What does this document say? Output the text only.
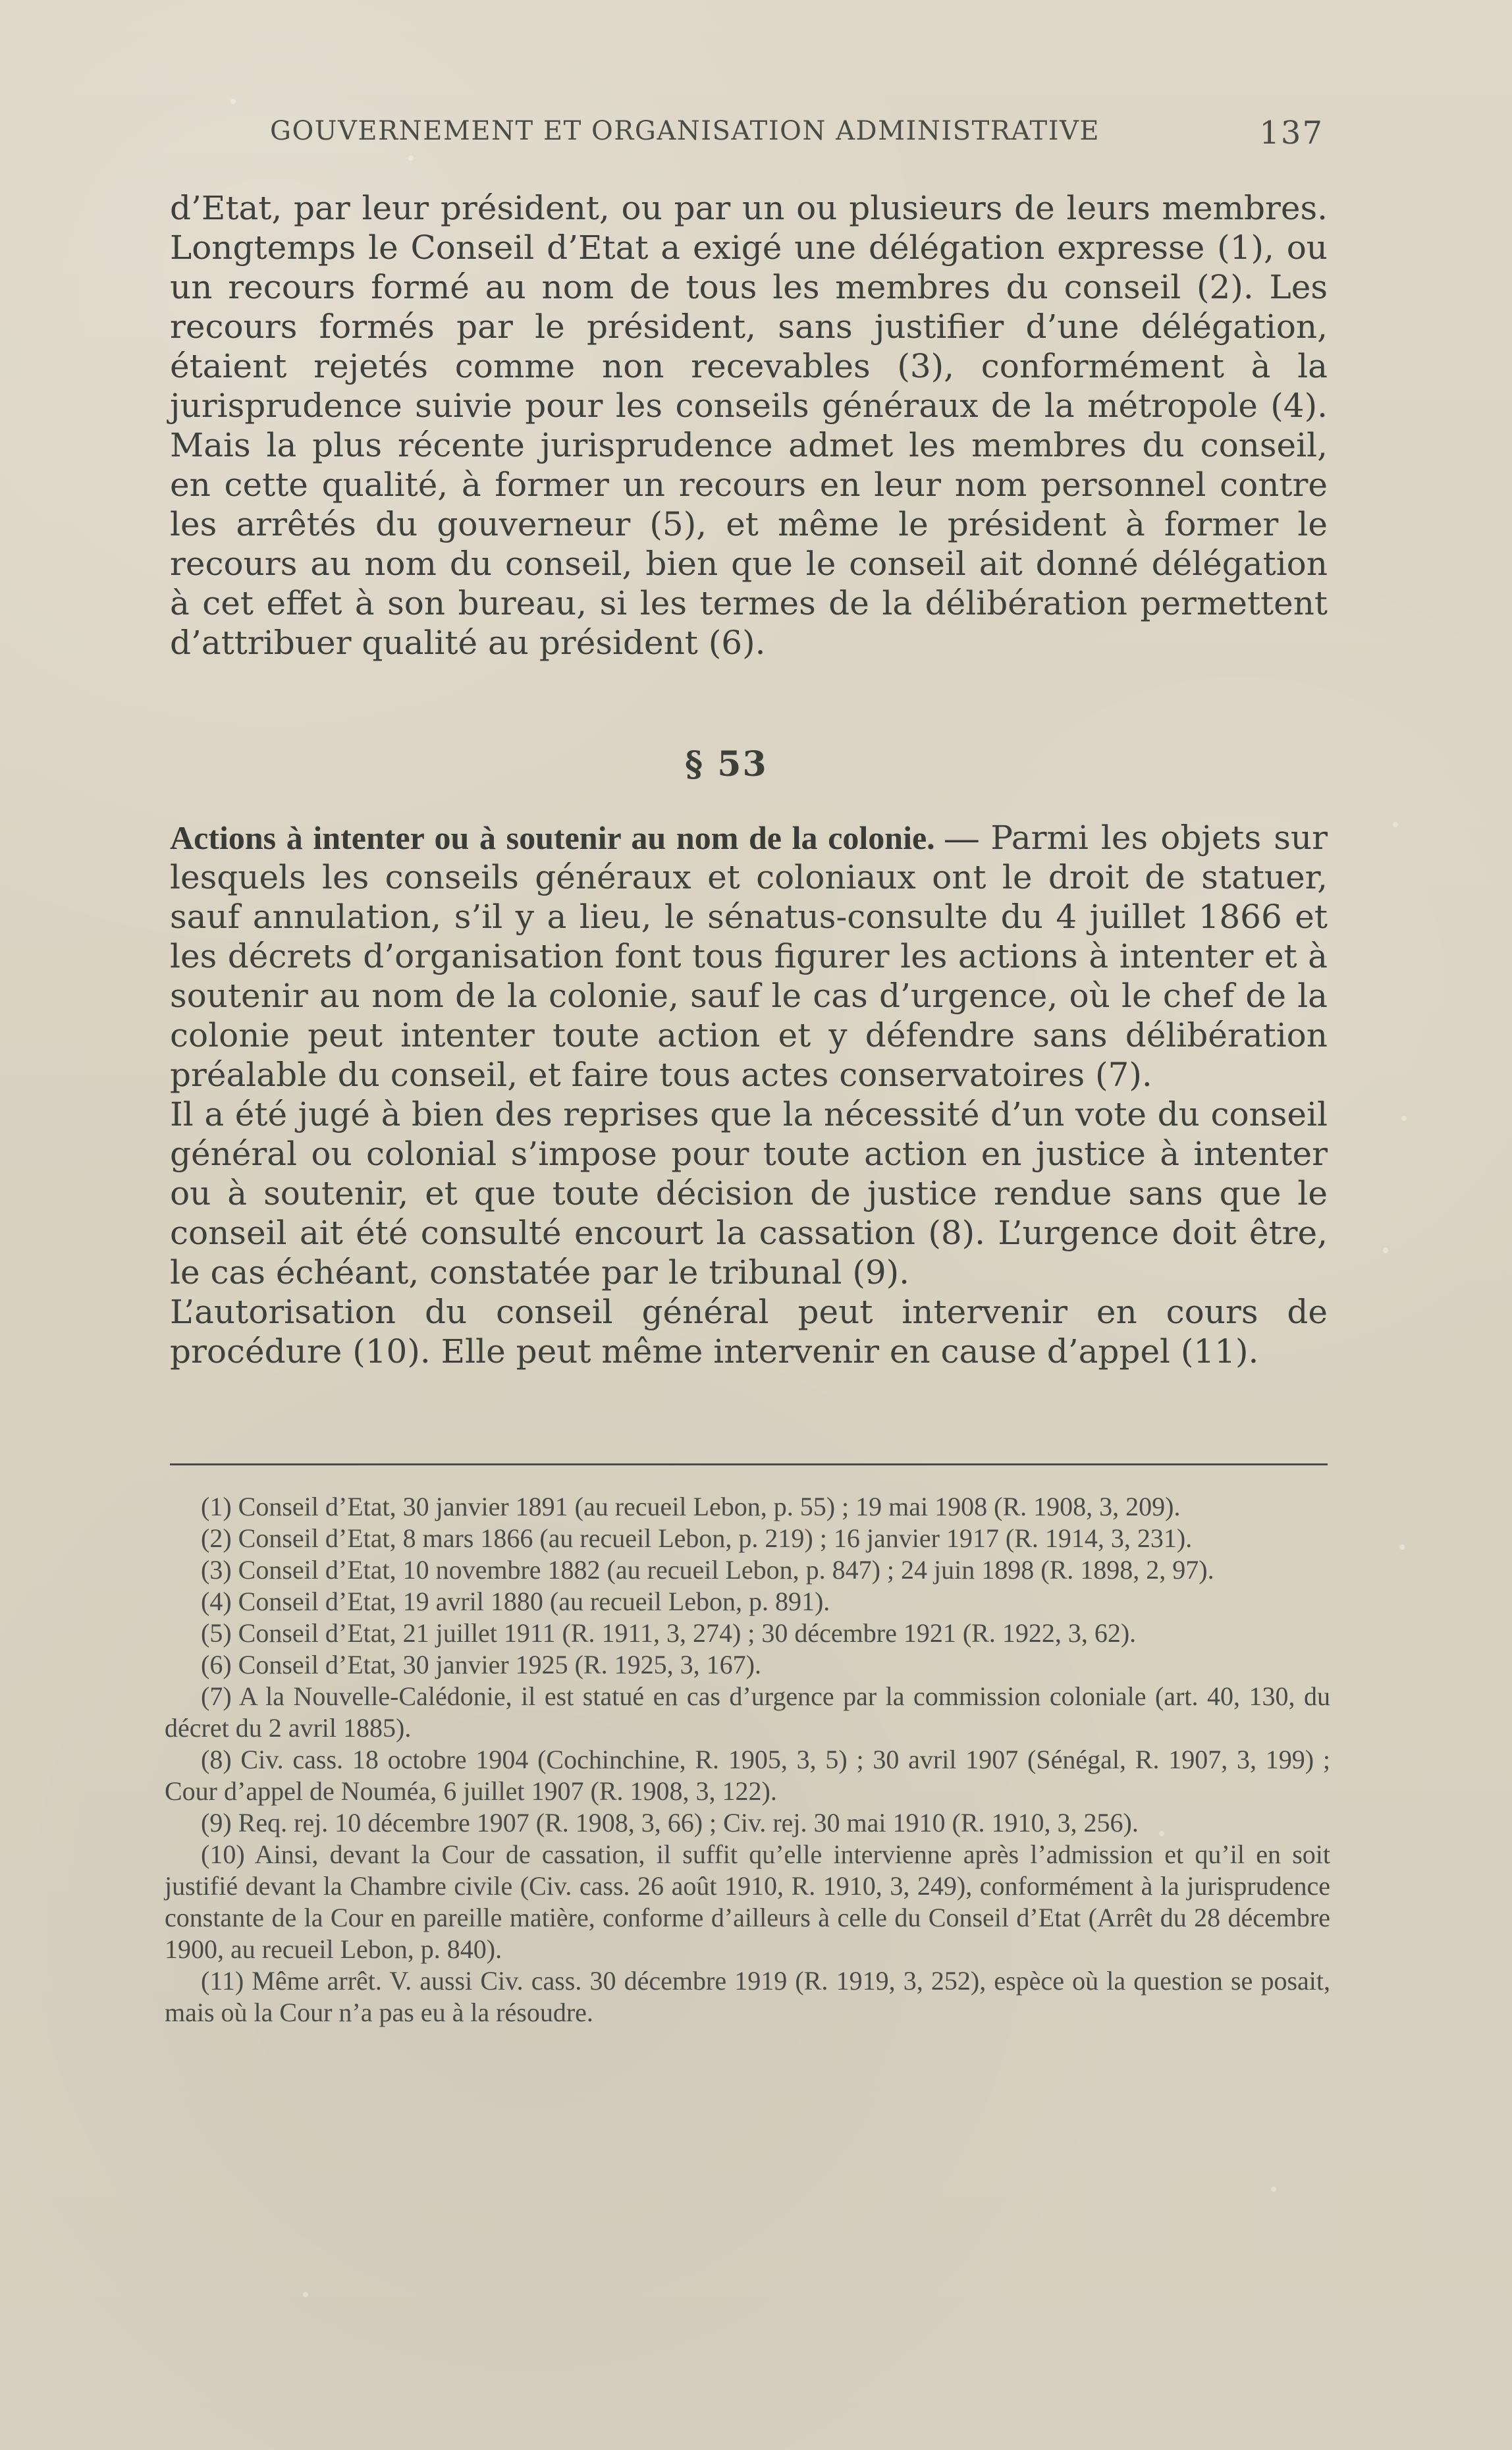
GOUVERNEMENT ET ORGANISATION ADMINISTRATIVE	137

d’Etat, par leur président, ou par un ou plusieurs de leurs membres. Longtemps le Conseil d’Etat a exigé une délégation expresse (1), ou un recours formé au nom de tous les membres du conseil (2). Les recours formés par le président, sans justifier d’une délégation, étaient rejetés comme non recevables (3), conformément à la jurisprudence suivie pour les conseils généraux de la métropole (4). Mais la plus récente jurisprudence admet les membres du conseil, en cette qualité, à former un recours en leur nom personnel contre les arrêtés du gouverneur (5), et même le président à former le recours au nom du conseil, bien que le conseil ait donné délégation à cet effet à son bureau, si les termes de la délibération permettent d’attribuer qualité au président (6).

§ 53

Actions à intenter ou à soutenir au nom de la colonie. — Parmi les objets sur lesquels les conseils généraux et coloniaux ont le droit de statuer, sauf annulation, s’il y a lieu, le sénatus-consulte du 4 juillet 1866 et les décrets d’organisation font tous figurer les actions à intenter et à soutenir au nom de la colonie, sauf le cas d’urgence, où le chef de la colonie peut intenter toute action et y défendre sans délibération préalable du conseil, et faire tous actes conservatoires (7).

Il a été jugé à bien des reprises que la nécessité d’un vote du conseil général ou colonial s’impose pour toute action en justice à intenter ou à soutenir, et que toute décision de justice rendue sans que le conseil ait été consulté encourt la cassation (8). L’urgence doit être, le cas échéant, constatée par le tribunal (9).

L’autorisation du conseil général peut intervenir en cours de procédure (10). Elle peut même intervenir en cause d’appel (11).

(1) Conseil d’Etat, 30 janvier 1891 (au recueil Lebon, p. 55) ; 19 mai 1908 (R. 1908, 3, 209).

(2) Conseil d’Etat, 8 mars 1866 (au recueil Lebon, p. 219) ; 16 janvier 1917 (R. 1914, 3, 231).

(3) Conseil d’Etat, 10 novembre 1882 (au recueil Lebon, p. 847) ; 24 juin 1898 (R. 1898, 2, 97).

(4) Conseil d’Etat, 19 avril 1880 (au recueil Lebon, p. 891).

(5) Conseil d’Etat, 21 juillet 1911 (R. 1911, 3, 274) ; 30 décembre 1921 (R. 1922, 3, 62).

(6) Conseil d’Etat, 30 janvier 1925 (R. 1925, 3, 167).

(7) A la Nouvelle-Calédonie, il est statué en cas d’urgence par la commission coloniale (art. 40, 130, du décret du 2 avril 1885).

(8) Civ. cass. 18 octobre 1904 (Cochinchine, R. 1905, 3, 5) ; 30 avril 1907 (Sénégal, R. 1907, 3, 199) ; Cour d’appel de Nouméa, 6 juillet 1907 (R. 1908, 3, 122).

(9) Req. rej. 10 décembre 1907 (R. 1908, 3, 66) ; Civ. rej. 30 mai 1910 (R. 1910, 3, 256).

(10) Ainsi, devant la Cour de cassation, il suffit qu’elle intervienne après l’admission et qu’il en soit justifié devant la Chambre civile (Civ. cass. 26 août 1910, R. 1910, 3, 249), conformément à la jurisprudence constante de la Cour en pareille matière, conforme d’ailleurs à celle du Conseil d’Etat (Arrêt du 28 décembre 1900, au recueil Lebon, p. 840).

(11) Même arrêt. V. aussi Civ. cass. 30 décembre 1919 (R. 1919, 3, 252), espèce où la question se posait, mais où la Cour n’a pas eu à la résoudre.
